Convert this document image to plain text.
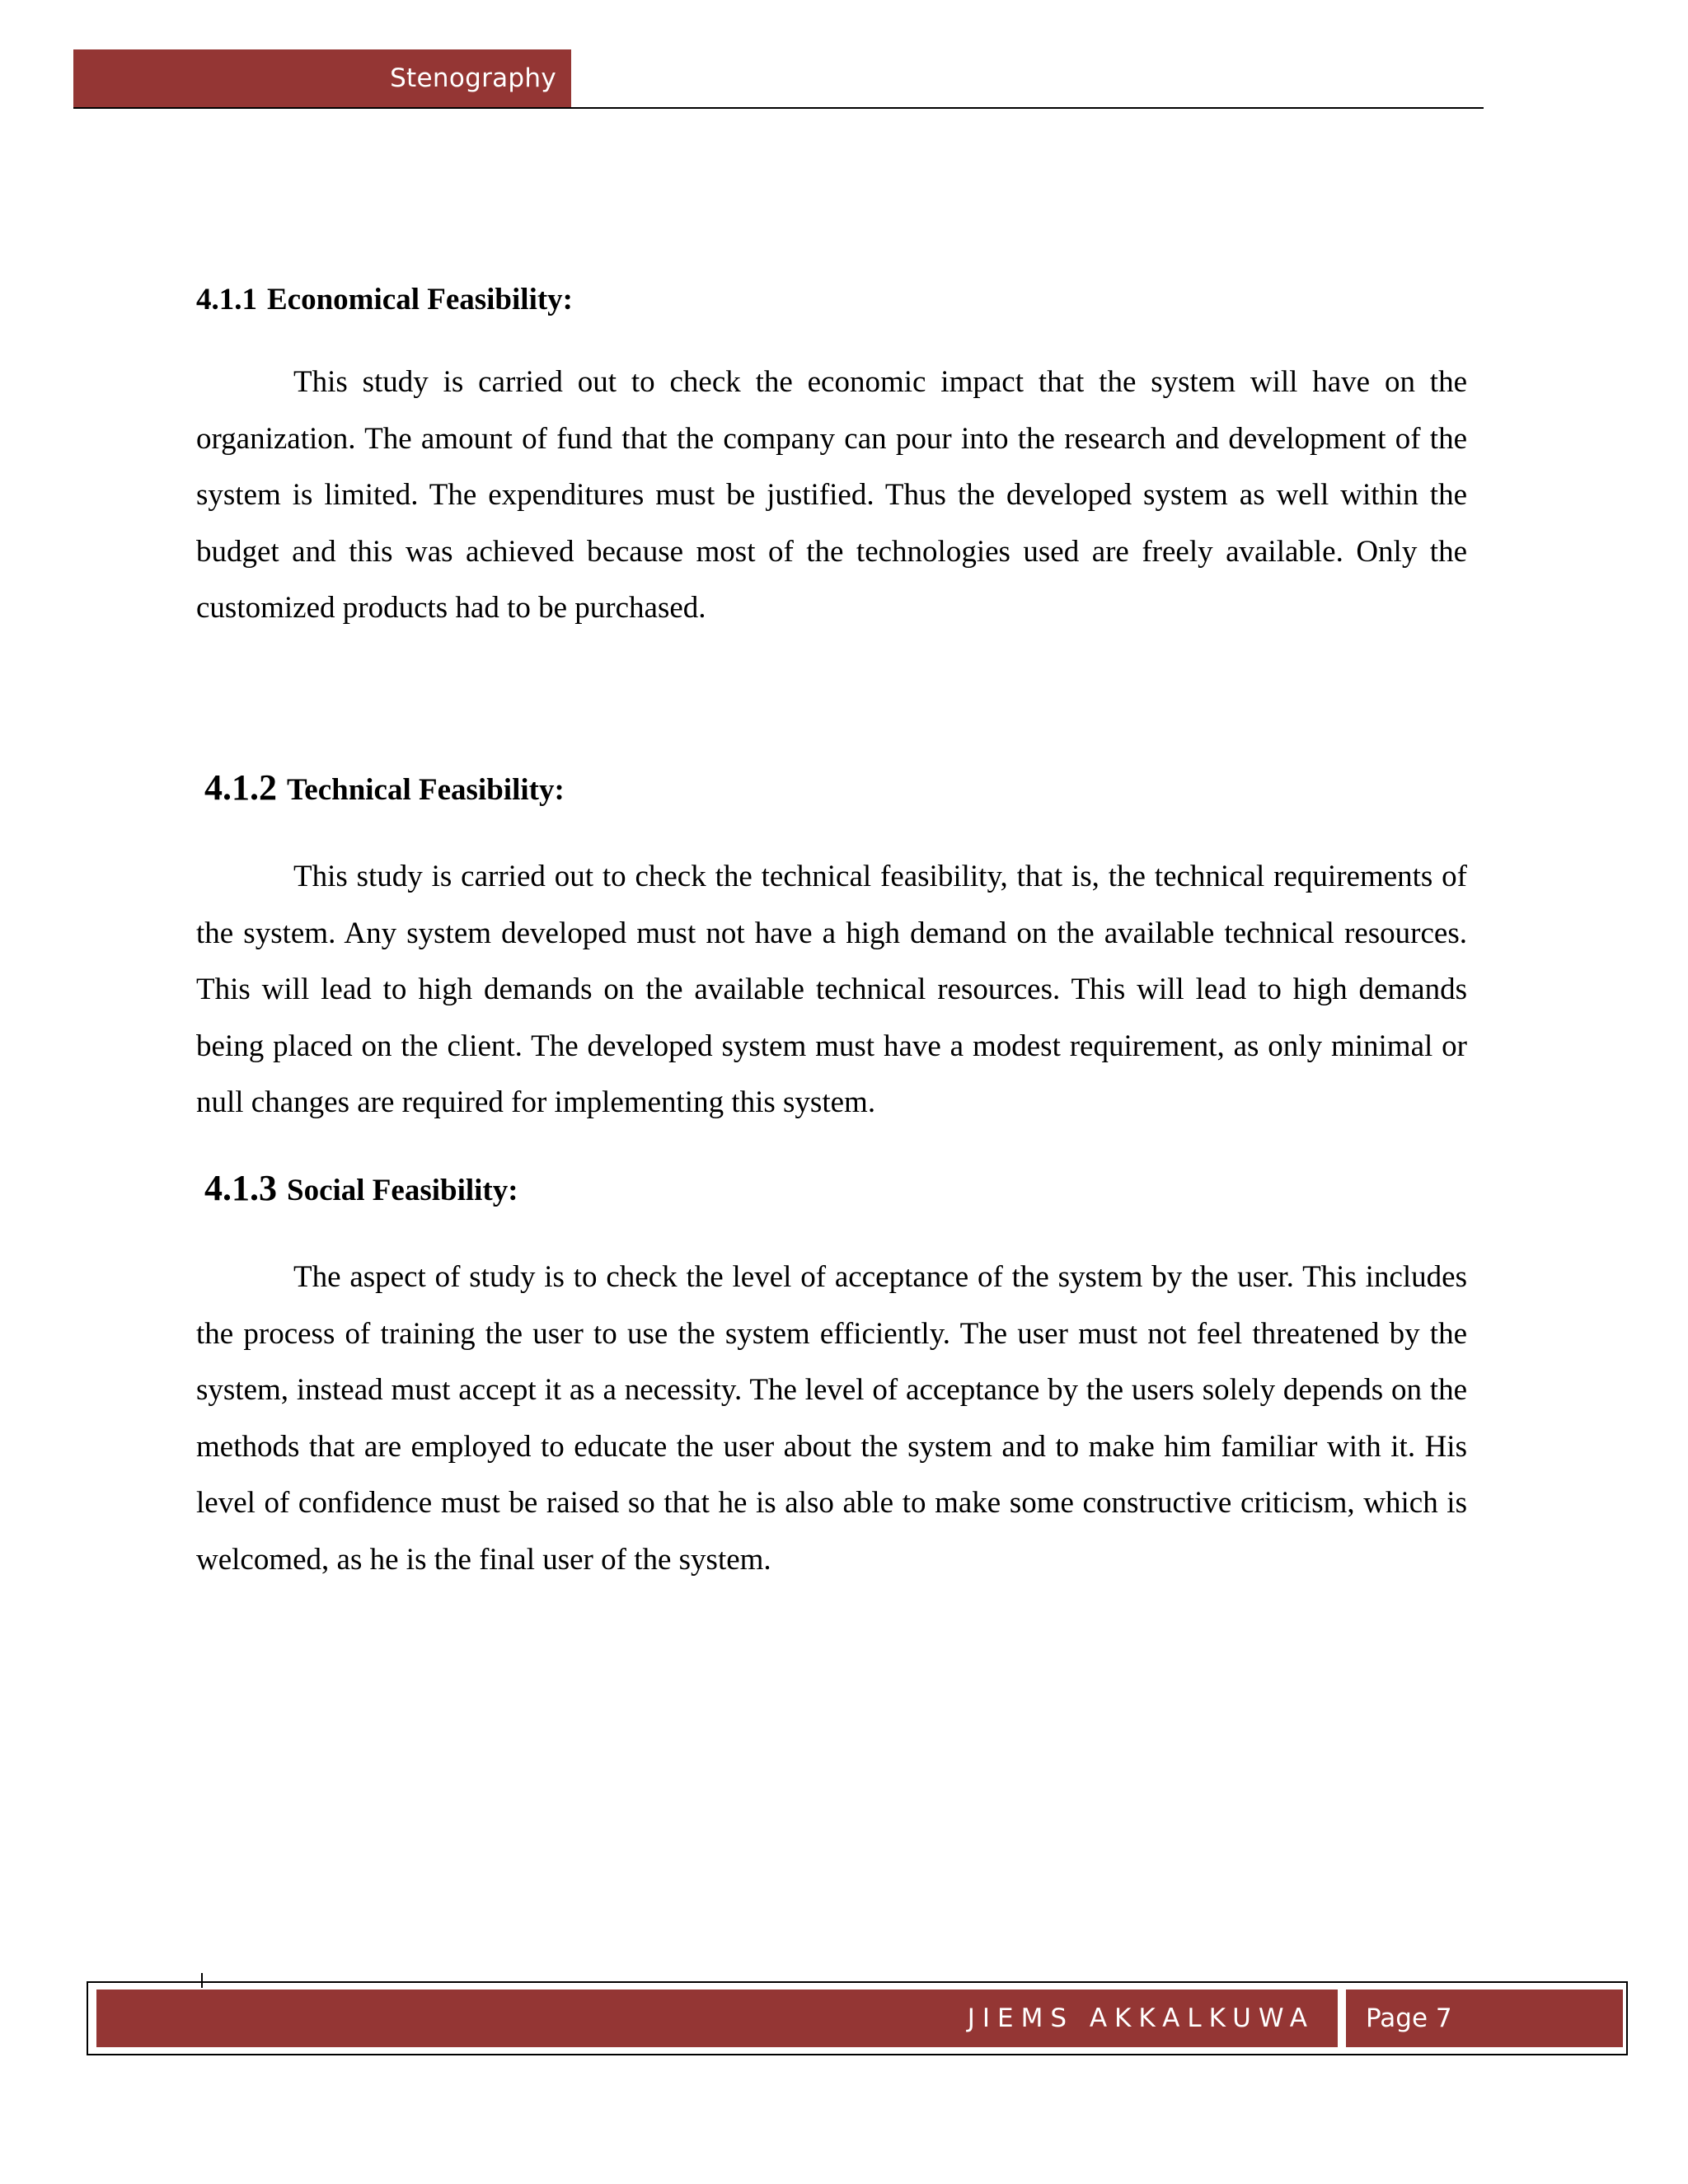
Stenography
4.1.1 Economical Feasibility:

This study is carried out to check the economic impact that the system will have on the organization. The amount of fund that the company can pour into the research and development of the system is limited. The expenditures must be justified. Thus the developed system as well within the budget and this was achieved because most of the technologies used are freely available. Only the customized products had to be purchased.

4.1.2 Technical Feasibility:

This study is carried out to check the technical feasibility, that is, the technical requirements of the system. Any system developed must not have a high demand on the available technical resources. This will lead to high demands on the available technical resources. This will lead to high demands being placed on the client. The developed system must have a modest requirement, as only minimal or null changes are required for implementing this system.

4.1.3 Social Feasibility:

The aspect of study is to check the level of acceptance of the system by the user. This includes the process of training the user to use the system efficiently. The user must not feel threatened by the system, instead must accept it as a necessity. The level of acceptance by the users solely depends on the methods that are employed to educate the user about the system and to make him familiar with it. His level of confidence must be raised so that he is also able to make some constructive criticism, which is welcomed, as he is the final user of the system.

JIEMS AKKALKUWA Page 7
